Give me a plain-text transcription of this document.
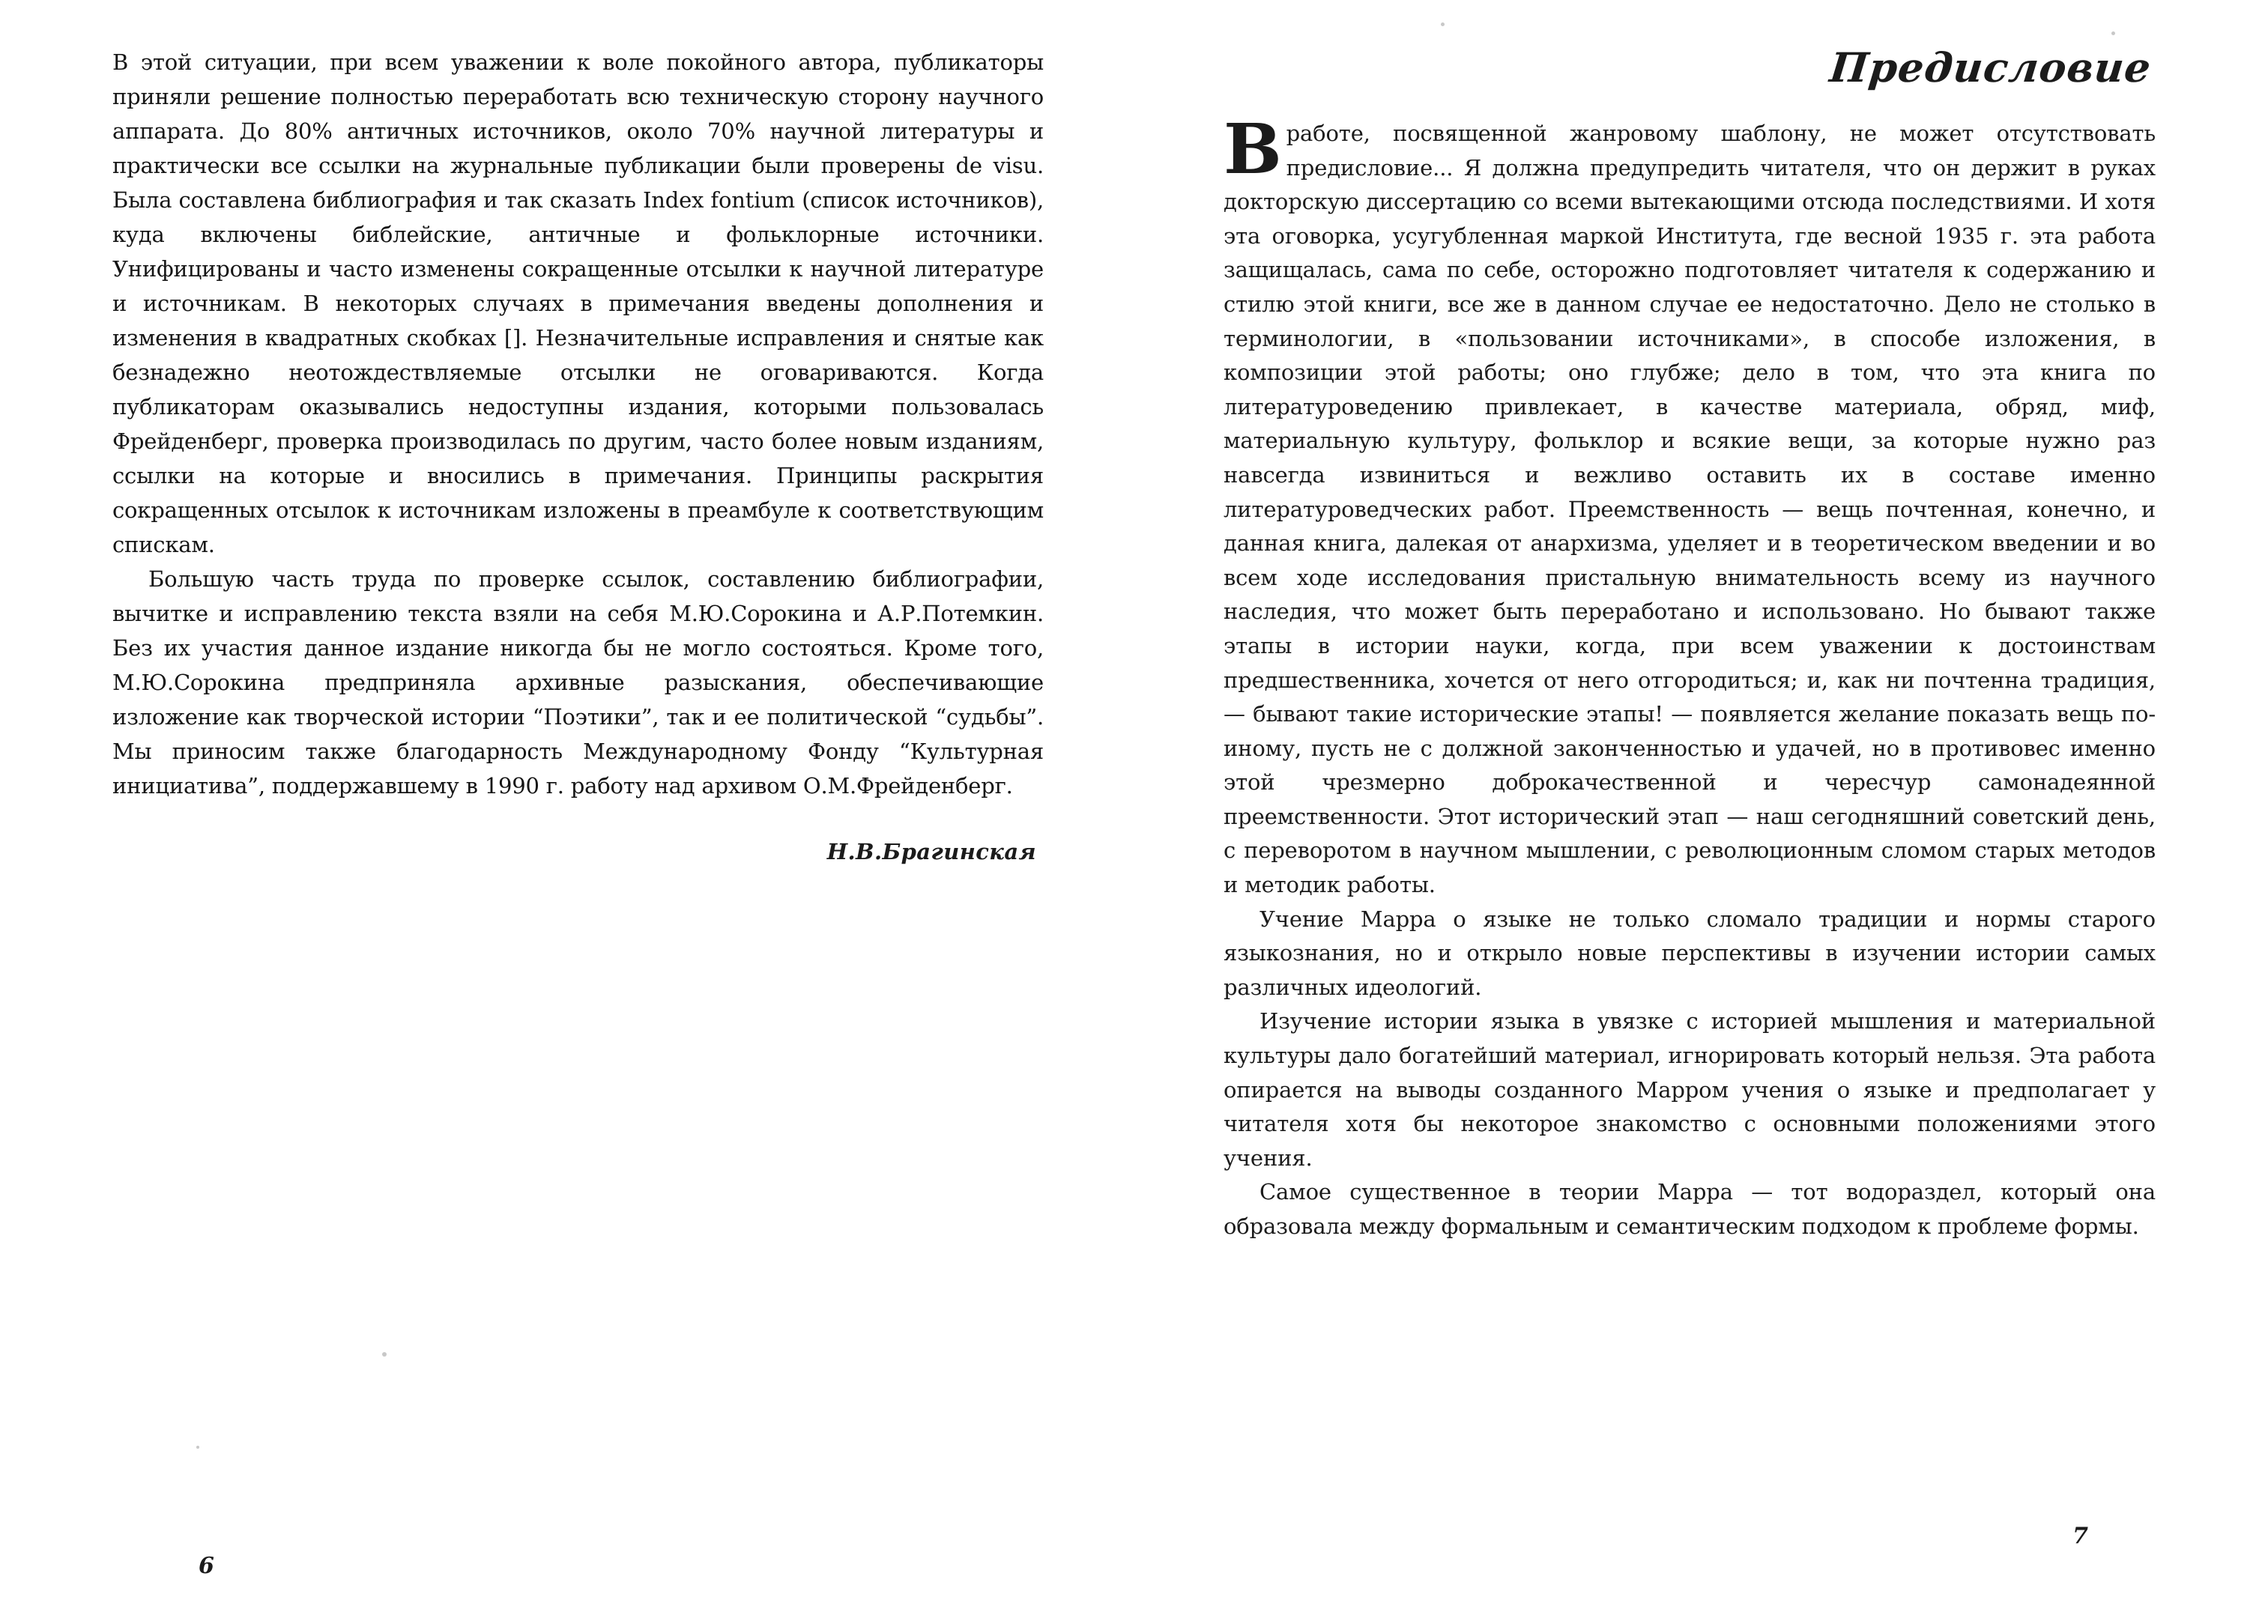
В этой ситуации, при всем уважении к воле покойного автора, публикаторы приняли решение полностью переработать всю техническую сторону научного аппарата. До 80% античных источников, около 70% научной литературы и практически все ссылки на журнальные публикации были проверены de visu. Была составлена библиография и так сказать Index fontium (список источников), куда включены библейские, античные и фольклорные источники. Унифицированы и часто изменены сокращенные отсылки к научной литературе и источникам. В некоторых случаях в примечания введены дополнения и изменения в квадратных скобках []. Незначительные исправления и снятые как безнадежно неотождествляемые отсылки не оговариваются. Когда публикаторам оказывались недоступны издания, которыми пользовалась Фрейденберг, проверка производилась по другим, часто более новым изданиям, ссылки на которые и вносились в примечания. Принципы раскрытия сокращенных отсылок к источникам изложены в преамбуле к соответствующим спискам.

Большую часть труда по проверке ссылок, составлению библиографии, вычитке и исправлению текста взяли на себя М.Ю.Сорокина и А.Р.Потемкин. Без их участия данное издание никогда бы не могло состояться. Кроме того, М.Ю.Сорокина предприняла архивные разыскания, обеспечивающие изложение как творческой истории “Поэтики”, так и ее политической “судьбы”. Мы приносим также благодарность Международному Фонду “Культурная инициатива”, поддержавшему в 1990 г. работу над архивом О.М.Фрейденберг.

Н.В.Брагинская
6
Предисловие

В работе, посвященной жанровому шаблону, не может отсутствовать предисловие... Я должна предупредить читателя, что он держит в руках докторскую диссертацию со всеми вытекающими отсюда последствиями. И хотя эта оговорка, усугубленная маркой Института, где весной 1935 г. эта работа защищалась, сама по себе, осторожно подготовляет читателя к содержанию и стилю этой книги, все же в данном случае ее недостаточно. Дело не столько в терминологии, в «пользовании источниками», в способе изложения, в композиции этой работы; оно глубже; дело в том, что эта книга по литературоведению привлекает, в качестве материала, обряд, миф, материальную культуру, фольклор и всякие вещи, за которые нужно раз навсегда извиниться и вежливо оставить их в составе именно литературоведческих работ. Преемственность — вещь почтенная, конечно, и данная книга, далекая от анархизма, уделяет и в теоретическом введении и во всем ходе исследования пристальную внимательность всему из научного наследия, что может быть переработано и использовано. Но бывают также этапы в истории науки, когда, при всем уважении к достоинствам предшественника, хочется от него отгородиться; и, как ни почтенна традиция, — бывают такие исторические этапы! — появляется желание показать вещь по-иному, пусть не с должной законченностью и удачей, но в противовес именно этой чрезмерно доброкачественной и чересчур самонадеянной преемственности. Этот исторический этап — наш сегодняшний советский день, с переворотом в научном мышлении, с революционным сломом старых методов и методик работы.

Учение Марра о языке не только сломало традиции и нормы старого языкознания, но и открыло новые перспективы в изучении истории самых различных идеологий.

Изучение истории языка в увязке с историей мышления и материальной культуры дало богатейший материал, игнорировать который нельзя. Эта работа опирается на выводы созданного Марром учения о языке и предполагает у читателя хотя бы некоторое знакомство с основными положениями этого учения.

Самое существенное в теории Марра — тот водораздел, который она образовала между формальным и семантическим подходом к проблеме формы.

7
